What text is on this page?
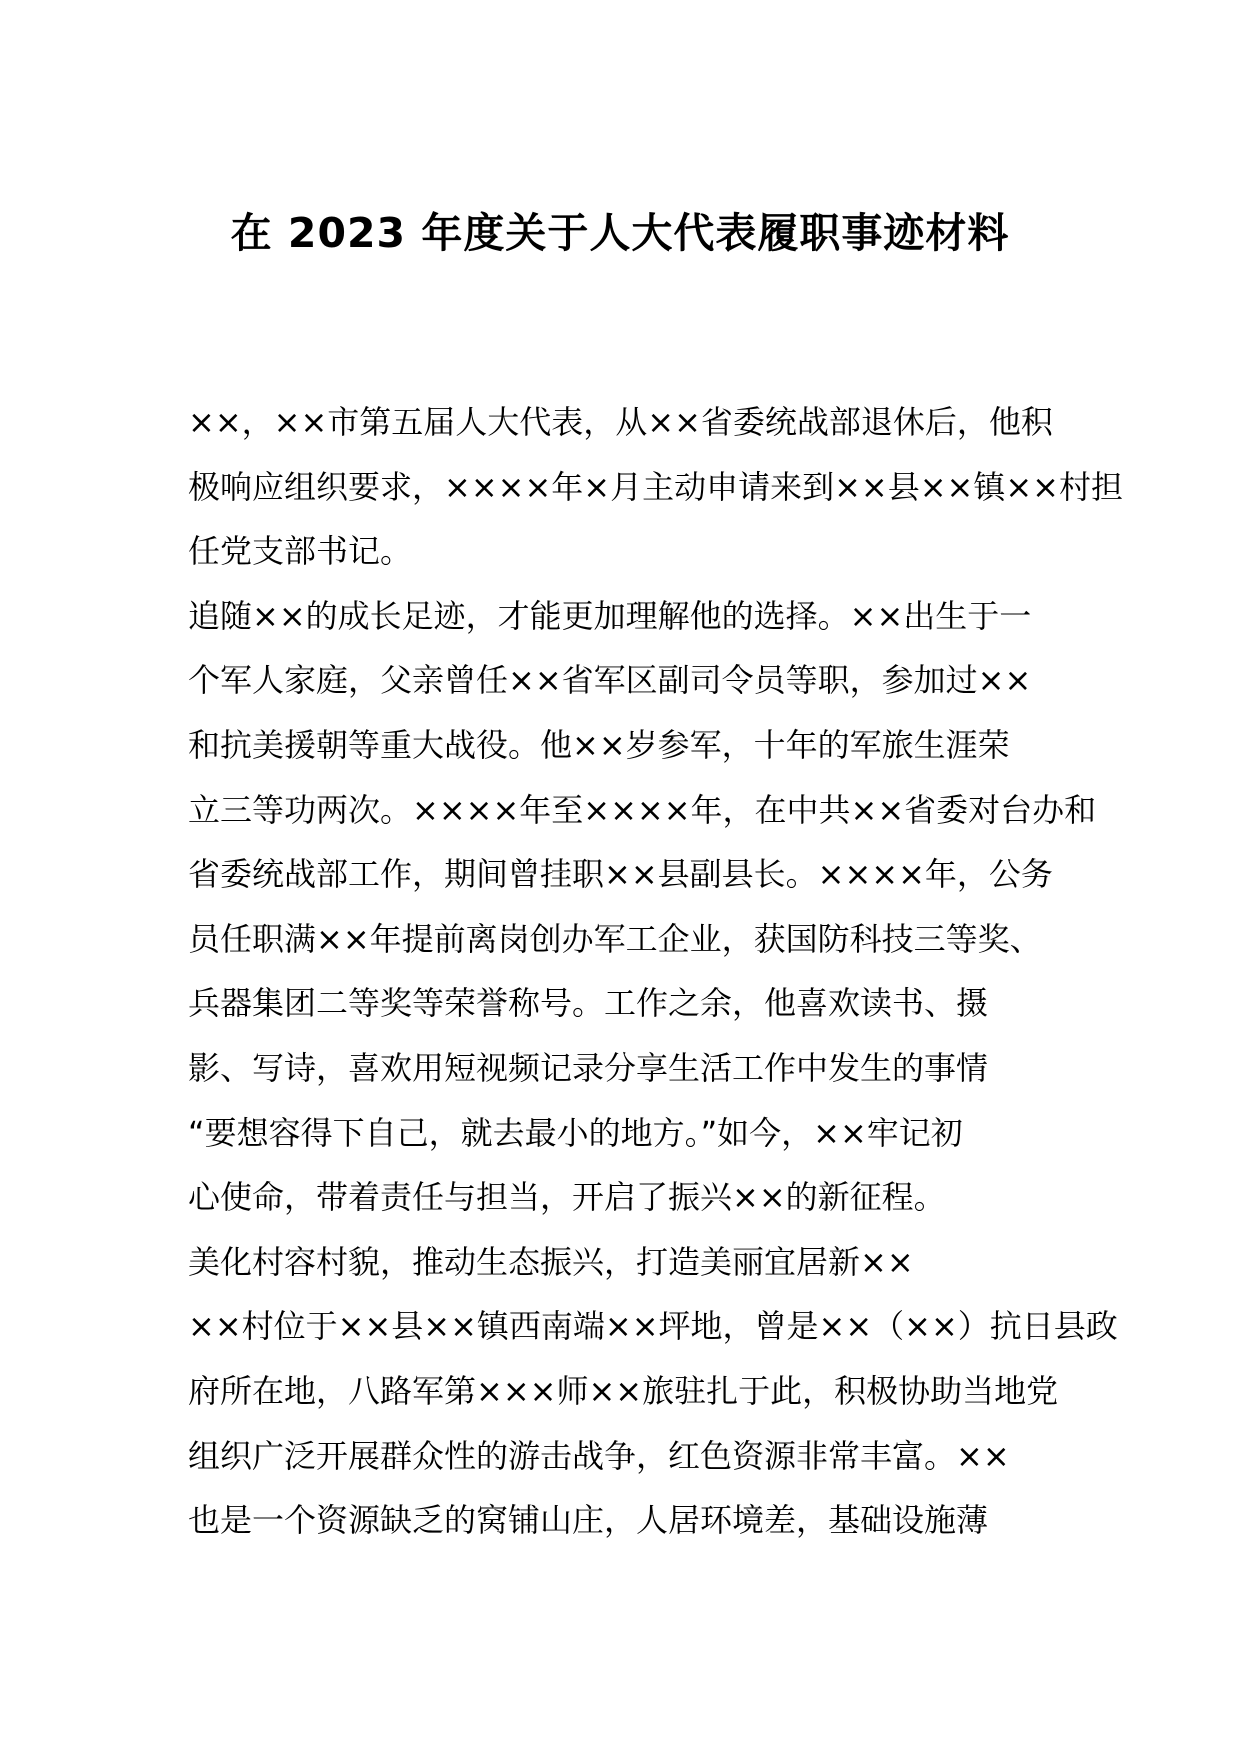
在 2023 年度关于人大代表履职事迹材料
××，××市第五届人大代表，从××省委统战部退休后，他积
极响应组织要求，××××年×月主动申请来到××县××镇××村担
任党支部书记。
追随××的成长足迹，才能更加理解他的选择。××出生于一
个军人家庭，父亲曾任××省军区副司令员等职，参加过××
和抗美援朝等重大战役。他××岁参军，十年的军旅生涯荣
立三等功两次。××××年至××××年，在中共××省委对台办和
省委统战部工作，期间曾挂职××县副县长。××××年，公务
员任职满××年提前离岗创办军工企业，获国防科技三等奖、
兵器集团二等奖等荣誉称号。工作之余，他喜欢读书、摄
影、写诗，喜欢用短视频记录分享生活工作中发生的事情
“要想容得下自己，就去最小的地方。”如今，××牢记初
心使命，带着责任与担当，开启了振兴××的新征程。
美化村容村貌，推动生态振兴，打造美丽宜居新××
××村位于××县××镇西南端××坪地，曾是××（××）抗日县政
府所在地，八路军第×××师××旅驻扎于此，积极协助当地党
组织广泛开展群众性的游击战争，红色资源非常丰富。××
也是一个资源缺乏的窝铺山庄，人居环境差，基础设施薄
